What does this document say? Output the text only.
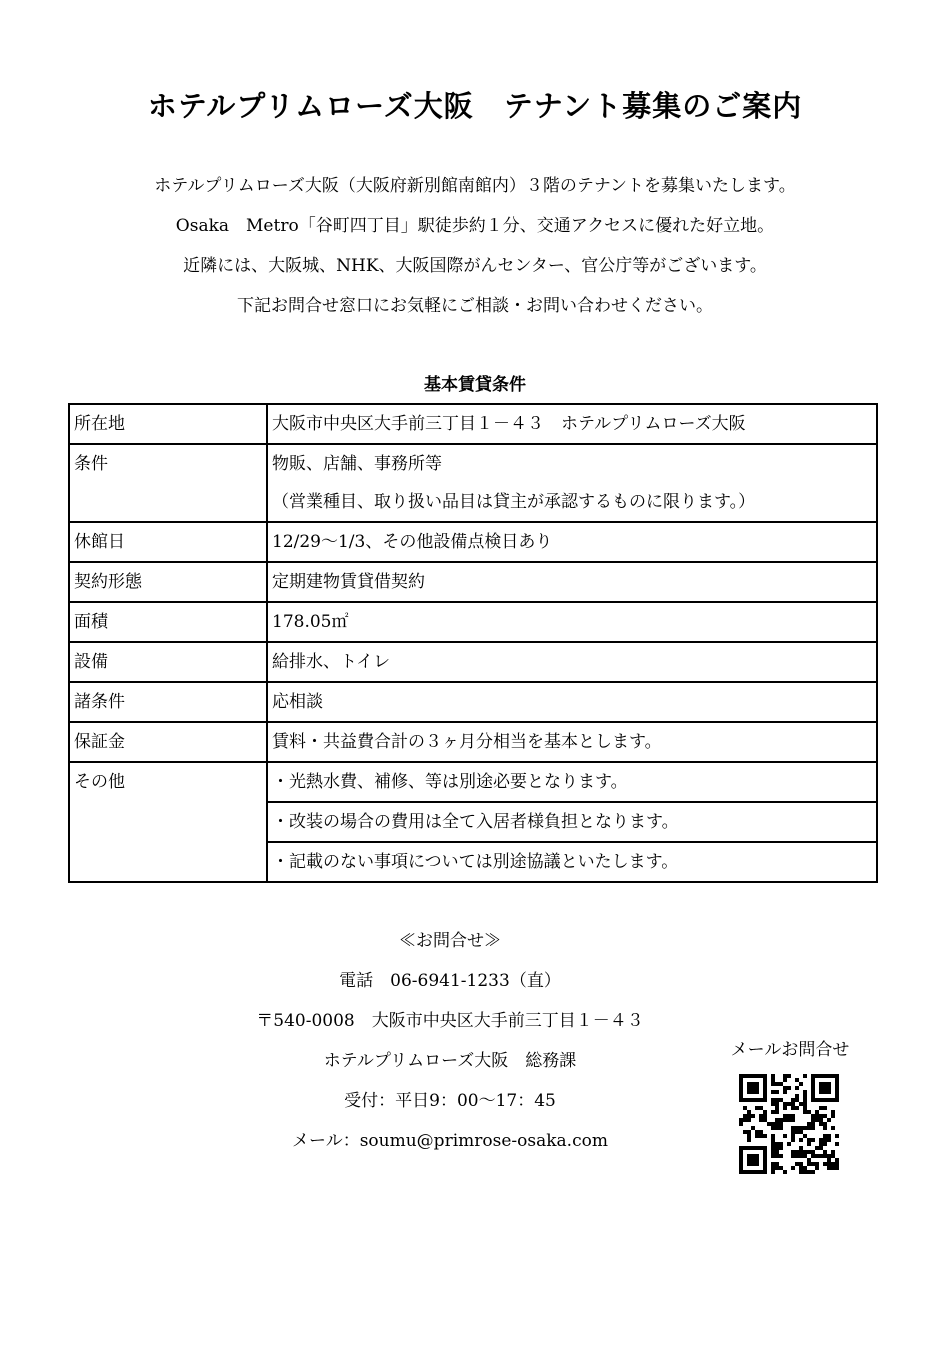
ホテルプリムローズ大阪　テナント募集のご案内
ホテルプリムローズ大阪（大阪府新別館南館内）３階のテナントを募集いたします。
Osaka　Metro「谷町四丁目」駅徒歩約１分、交通アクセスに優れた好立地。
近隣には、大阪城、NHK、大阪国際がんセンター、官公庁等がございます。
下記お問合せ窓口にお気軽にご相談・お問い合わせください。
基本賃貸条件
所在地	大阪市中央区大手前三丁目１－４３　ホテルプリムローズ大阪
条件	物販、店舗、事務所等
（営業種目、取り扱い品目は貸主が承認するものに限ります。）

休館日	12/29～1/3、その他設備点検日あり
契約形態	定期建物賃貸借契約
面積	178.05㎡
設備	給排水、トイレ
諸条件	応相談
保証金	賃料・共益費合計の３ヶ月分相当を基本とします。
その他	・光熱水費、補修、等は別途必要となります。
	・改装の場合の費用は全て入居者様負担となります。
	・記載のない事項については別途協議といたします。
≪お問合せ≫
電話　06-6941-1233（直）
〒540-0008　大阪市中央区大手前三丁目１－４３
ホテルプリムローズ大阪　総務課
受付：平日9：00～17：45
メール：soumu@primrose-osaka.com
メールお問合せ
